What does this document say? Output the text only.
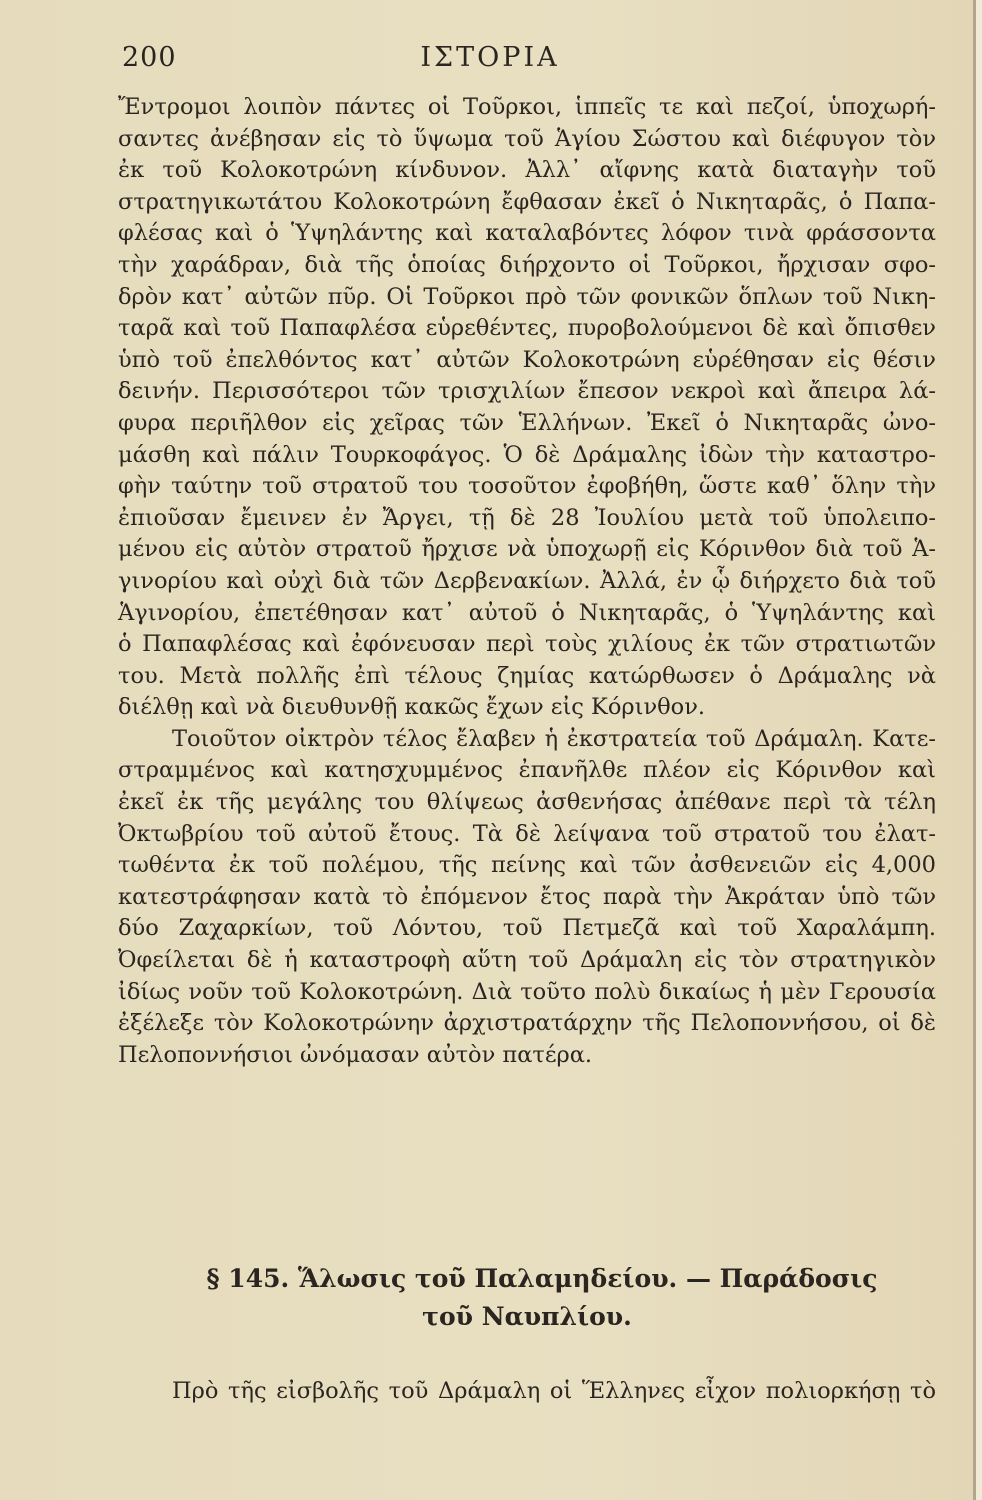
200	ΙΣΤΟΡΙΑ
Ἔντρομοι λοιπὸν πάντες οἱ Τοῦρκοι, ἱππεῖς τε καὶ πεζοί, ὑποχωρή-
σαντες ἀνέβησαν εἰς τὸ ὕψωμα τοῦ Ἁγίου Σώστου καὶ διέφυγον τὸν
ἐκ τοῦ Κολοκοτρώνη κίνδυνον. Ἀλλ᾽ αἴφνης κατὰ διαταγὴν τοῦ
στρατηγικωτάτου Κολοκοτρώνη ἔφθασαν ἐκεῖ ὁ Νικηταρᾶς, ὁ Παπα-
φλέσας καὶ ὁ Ὑψηλάντης καὶ καταλαβόντες λόφον τινὰ φράσσοντα
τὴν χαράδραν, διὰ τῆς ὁποίας διήρχοντο οἱ Τοῦρκοι, ἤρχισαν σφο-
δρὸν κατ᾽ αὐτῶν πῦρ. Οἱ Τοῦρκοι πρὸ τῶν φονικῶν ὅπλων τοῦ Νικη-
ταρᾶ καὶ τοῦ Παπαφλέσα εὑρεθέντες, πυροβολούμενοι δὲ καὶ ὄπισθεν
ὑπὸ τοῦ ἐπελθόντος κατ᾽ αὐτῶν Κολοκοτρώνη εὑρέθησαν εἰς θέσιν
δεινήν. Περισσότεροι τῶν τρισχιλίων ἔπεσον νεκροὶ καὶ ἄπειρα λά-
φυρα περιῆλθον εἰς χεῖρας τῶν Ἑλλήνων. Ἐκεῖ ὁ Νικηταρᾶς ὠνο-
μάσθη καὶ πάλιν Τουρκοφάγος. Ὁ δὲ Δράμαλης ἰδὼν τὴν καταστρο-
φὴν ταύτην τοῦ στρατοῦ του τοσοῦτον ἐφοβήθη, ὥστε καθ᾽ ὅλην τὴν
ἐπιοῦσαν ἔμεινεν ἐν Ἄργει, τῇ δὲ 28 Ἰουλίου μετὰ τοῦ ὑπολειπο-
μένου εἰς αὐτὸν στρατοῦ ἤρχισε νὰ ὑποχωρῇ εἰς Κόρινθον διὰ τοῦ Ἁ-
γινορίου καὶ οὐχὶ διὰ τῶν Δερβενακίων. Ἀλλά, ἐν ᾧ διήρχετο διὰ τοῦ
Ἁγινορίου, ἐπετέθησαν κατ᾽ αὐτοῦ ὁ Νικηταρᾶς, ὁ Ὑψηλάντης καὶ
ὁ Παπαφλέσας καὶ ἐφόνευσαν περὶ τοὺς χιλίους ἐκ τῶν στρατιωτῶν
του. Μετὰ πολλῆς ἐπὶ τέλους ζημίας κατώρθωσεν ὁ Δράμαλης νὰ
διέλθῃ καὶ νὰ διευθυνθῇ κακῶς ἔχων εἰς Κόρινθον.
Τοιοῦτον οἰκτρὸν τέλος ἔλαβεν ἡ ἐκστρατεία τοῦ Δράμαλη. Κατε-
στραμμένος καὶ κατησχυμμένος ἐπανῆλθε πλέον εἰς Κόρινθον καὶ
ἐκεῖ ἐκ τῆς μεγάλης του θλίψεως ἀσθενήσας ἀπέθανε περὶ τὰ τέλη
Ὀκτωβρίου τοῦ αὐτοῦ ἔτους. Τὰ δὲ λείψανα τοῦ στρατοῦ του ἐλατ-
τωθέντα ἐκ τοῦ πολέμου, τῆς πείνης καὶ τῶν ἀσθενειῶν εἰς 4,000
κατεστράφησαν κατὰ τὸ ἐπόμενον ἔτος παρὰ τὴν Ἀκράταν ὑπὸ τῶν
δύο Ζαχαρκίων, τοῦ Λόντου, τοῦ Πετμεζᾶ καὶ τοῦ Χαραλάμπη.
Ὀφείλεται δὲ ἡ καταστροφὴ αὕτη τοῦ Δράμαλη εἰς τὸν στρατηγικὸν
ἰδίως νοῦν τοῦ Κολοκοτρώνη. Διὰ τοῦτο πολὺ δικαίως ἡ μὲν Γερουσία
ἐξέλεξε τὸν Κολοκοτρώνην ἀρχιστρατάρχην τῆς Πελοποννήσου, οἱ δὲ
Πελοποννήσιοι ὠνόμασαν αὐτὸν πατέρα.
§ 145. Ἅλωσις τοῦ Παλαμηδείου. — Παράδοσις
τοῦ Ναυπλίου.
Πρὸ τῆς εἰσβολῆς τοῦ Δράμαλη οἱ Ἕλληνες εἶχον πολιορκήσῃ τὸ
